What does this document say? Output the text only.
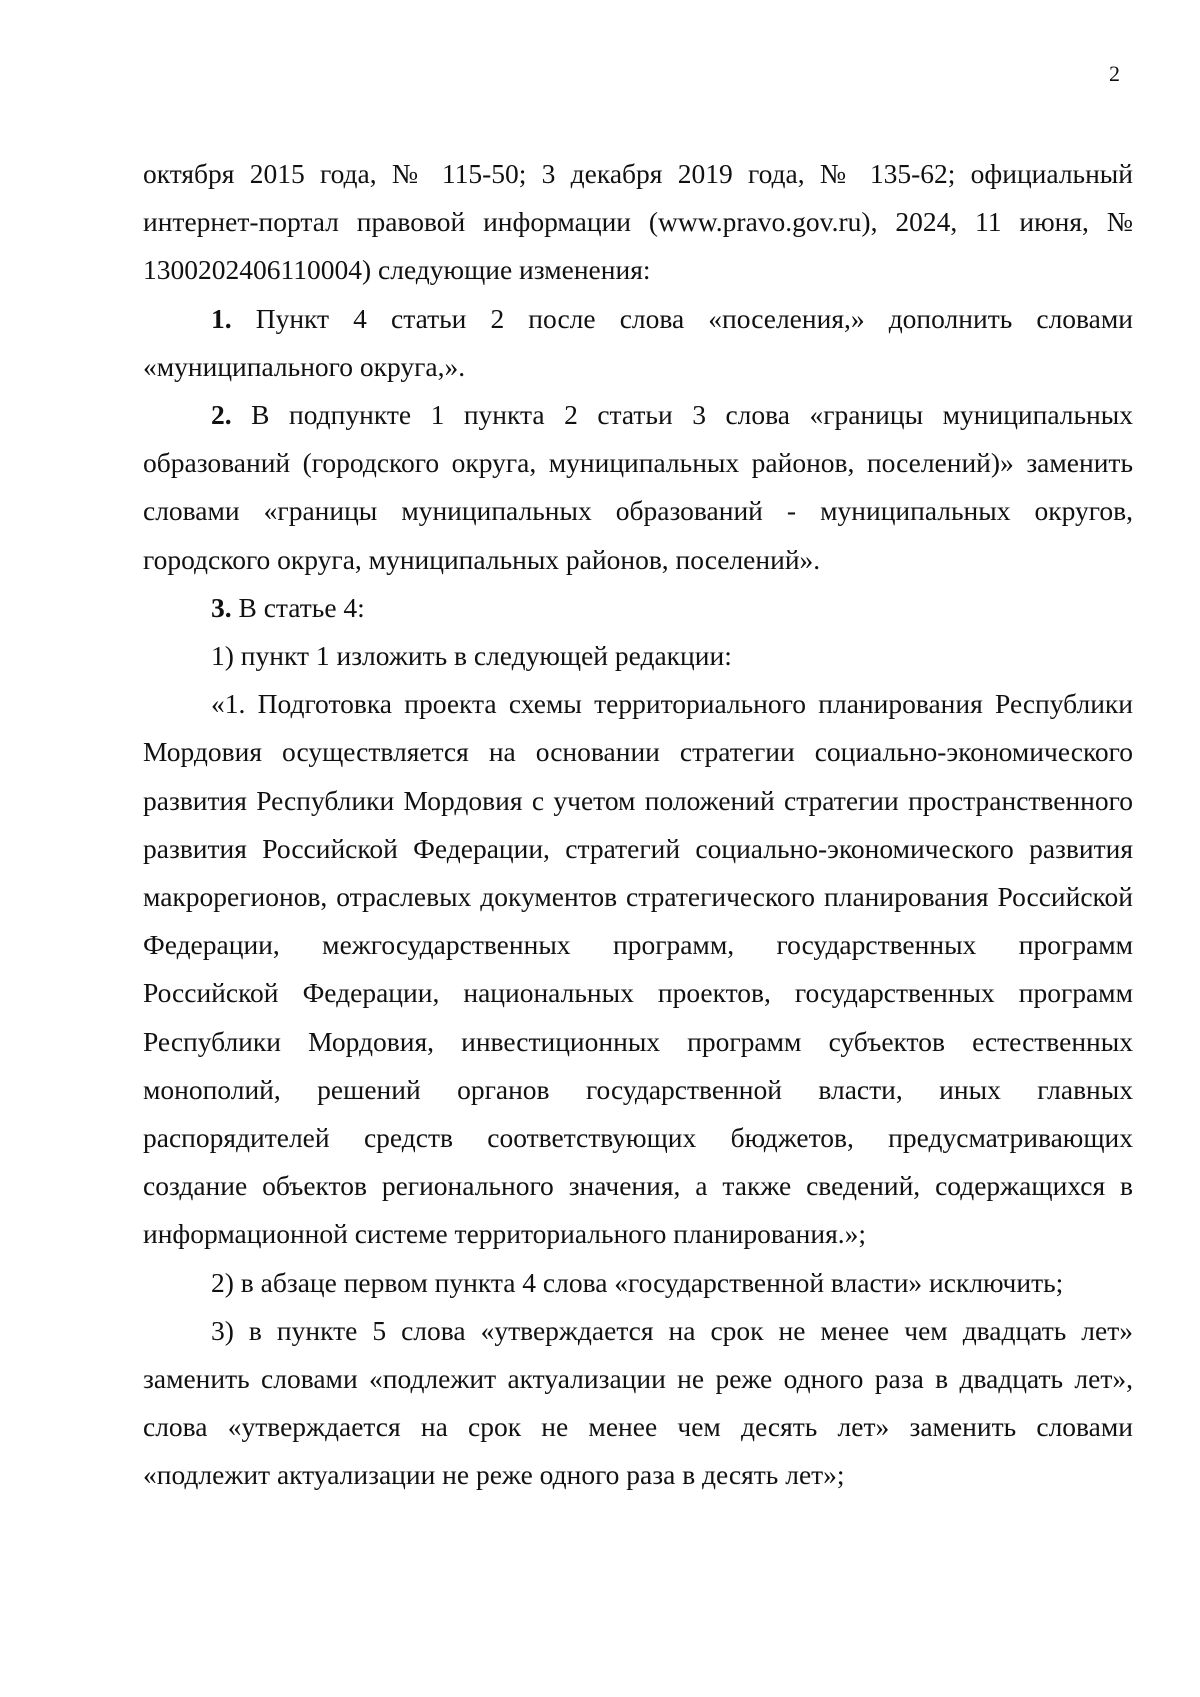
2

октября 2015 года, № 115-50; 3 декабря 2019 года, № 135-62; официальный интернет-портал правовой информации (www.pravo.gov.ru), 2024, 11 июня, № 1300202406110004) следующие изменения:

1. Пункт 4 статьи 2 после слова «поселения,» дополнить словами «муниципального округа,».

2. В подпункте 1 пункта 2 статьи 3 слова «границы муниципальных образований (городского округа, муниципальных районов, поселений)» заменить словами «границы муниципальных образований - муниципальных округов, городского округа, муниципальных районов, поселений».

3. В статье 4:

1) пункт 1 изложить в следующей редакции:

«1. Подготовка проекта схемы территориального планирования Республики Мордовия осуществляется на основании стратегии социально-экономического развития Республики Мордовия с учетом положений стратегии пространственного развития Российской Федерации, стратегий социально-экономического развития макрорегионов, отраслевых документов стратегического планирования Российской Федерации, межгосударственных программ, государственных программ Российской Федерации, национальных проектов, государственных программ Республики Мордовия, инвестиционных программ субъектов естественных монополий, решений органов государственной власти, иных главных распорядителей средств соответствующих бюджетов, предусматривающих создание объектов регионального значения, а также сведений, содержащихся в информационной системе территориального планирования.»;

2) в абзаце первом пункта 4 слова «государственной власти» исключить;

3) в пункте 5 слова «утверждается на срок не менее чем двадцать лет» заменить словами «подлежит актуализации не реже одного раза в двадцать лет», слова «утверждается на срок не менее чем десять лет» заменить словами «подлежит актуализации не реже одного раза в десять лет»;
